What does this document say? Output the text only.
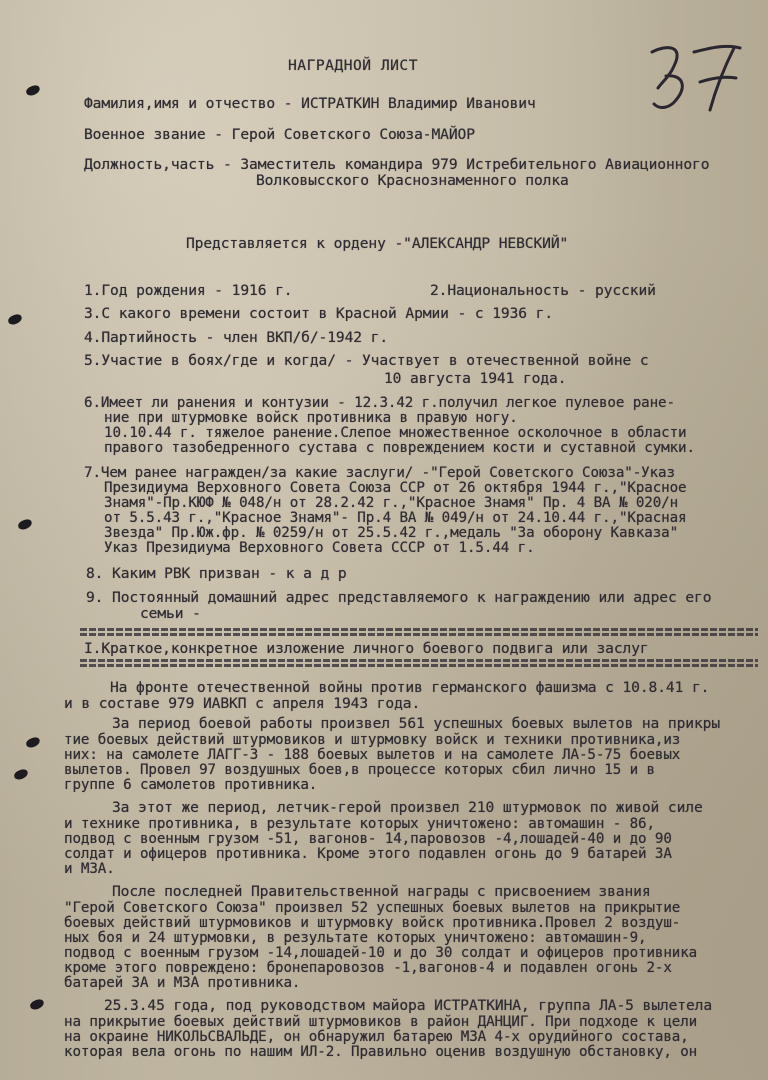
НАГРАДНОЙ ЛИСТ
Фамилия,имя и отчество - ИСТРАТКИН Владимир Иванович
Военное звание - Герой Советского Союза-МАЙОР
Должность,часть - Заместитель командира 979 Истребительного Авиационного
Волковысского Краснознаменного полка
Представляется к ордену -"АЛЕКСАНДР НЕВСКИЙ"
1.Год рождения - 1916 г.	2.Национальность - русский
3.С какого времени состоит в Красной Армии - с 1936 г.
4.Партийность - член ВКП/б/-1942 г.
5.Участие в боях/где и когда/ - Участвует в отечественной войне с
10 августа 1941 года.
6.Имеет ли ранения и контузии - 12.3.42 г.получил легкое пулевое ране-
ние при штурмовке войск противника в правую ногу.
10.10.44 г. тяжелое ранение.Слепое множественное осколочное в области
правого тазобедренного сустава с повреждением кости и суставной сумки.
7.Чем ранее награжден/за какие заслуги/ -"Герой Советского Союза"-Указ
Президиума Верховного Совета Союза ССР от 26 октября 1944 г.,"Красное
Знамя"-Пр.КЮФ № 048/н от 28.2.42 г.,"Красное Знамя" Пр. 4 ВА № 020/н
от 5.5.43 г.,"Красное Знамя"- Пр.4 ВА № 049/н от 24.10.44 г.,"Красная
Звезда" Пр.Юж.фр. № 0259/н от 25.5.42 г.,медаль "За оборону Кавказа"
Указ Президиума Верховного Совета СССР от 1.5.44 г.
8. Каким РВК призван - к а д р
9. Постоянный домашний адрес представляемого к награждению или адрес его
семьи -
I.Краткое,конкретное изложение личного боевого подвига или заслуг
На фронте отечественной войны против германского фашизма с 10.8.41 г.
и в составе 979 ИАВКП с апреля 1943 года.
За период боевой работы произвел 561 успешных боевых вылетов на прикры
тие боевых действий штурмовиков и штурмовку войск и техники противника,из
них: на самолете ЛАГГ-3 - 188 боевых вылетов и на самолете ЛА-5-75 боевых
вылетов. Провел 97 воздушных боев,в процессе которых сбил лично 15 и в
группе 6 самолетов противника.
За этот же период, летчик-герой произвел 210 штурмовок по живой силе
и технике противника, в результате которых уничтожено: автомашин - 86,
подвод с военным грузом -51, вагонов- 14,паровозов -4,лошадей-40 и до 90
солдат и офицеров противника. Кроме этого подавлен огонь до 9 батарей ЗА
и МЗА.
После последней Правительственной награды с присвоением звания
"Герой Советского Союза" произвел 52 успешных боевых вылетов на прикрытие
боевых действий штурмовиков и штурмовку войск противника.Провел 2 воздуш-
ных боя и 24 штурмовки, в результате которых уничтожено: автомашин-9,
подвод с военным грузом -14,лошадей-10 и до 30 солдат и офицеров противника
кроме этого повреждено: бронепаровозов -1,вагонов-4 и подавлен огонь 2-х
батарей ЗА и МЗА противника.
25.3.45 года, под руководством майора ИСТРАТКИНА, группа ЛА-5 вылетела
на прикрытие боевых действий штурмовиков в район ДАНЦИГ. При подходе к цели
на окраине НИКОЛЬСВАЛЬДЕ, он обнаружил батарею МЗА 4-х орудийного состава,
которая вела огонь по нашим ИЛ-2. Правильно оценив воздушную обстановку, он
